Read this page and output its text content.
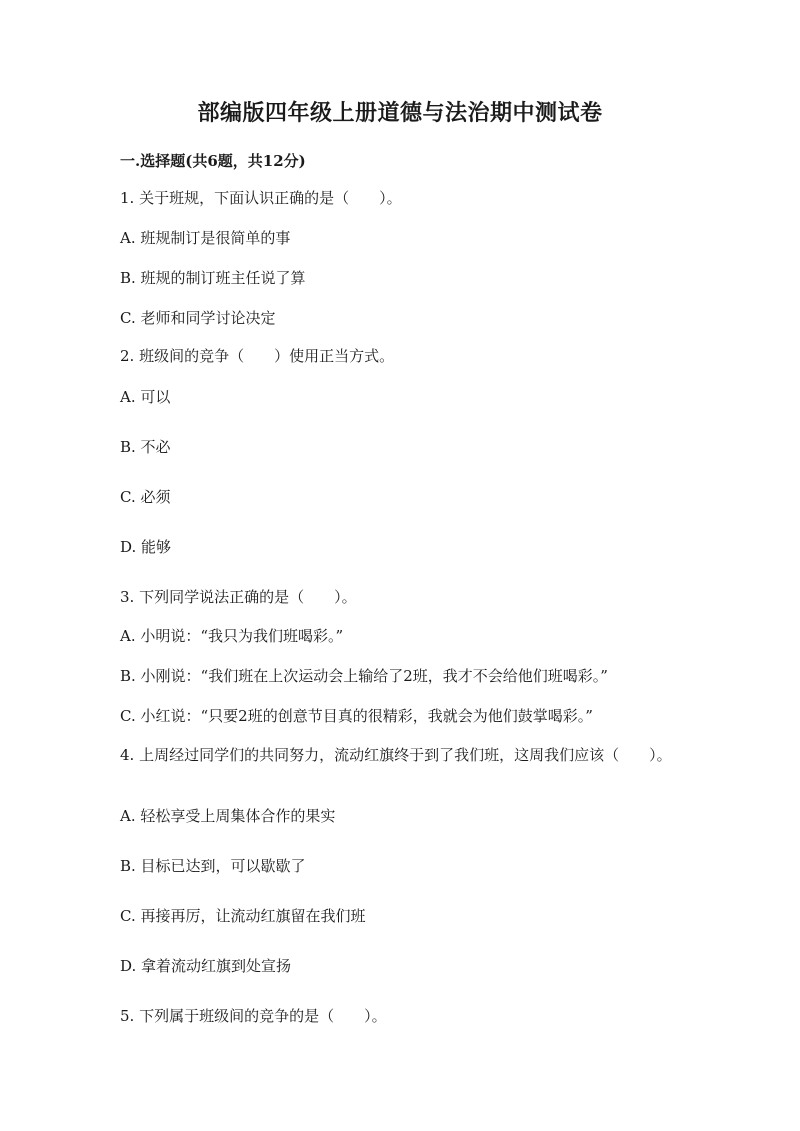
部编版四年级上册道德与法治期中测试卷
一.选择题(共6题，共12分)
1. 关于班规，下面认识正确的是（　　）。
A. 班规制订是很简单的事
B. 班规的制订班主任说了算
C. 老师和同学讨论决定
2. 班级间的竞争（　　）使用正当方式。
A. 可以
B. 不必
C. 必须
D. 能够
3. 下列同学说法正确的是（　　）。
A. 小明说：“我只为我们班喝彩。”
B. 小刚说：“我们班在上次运动会上输给了2班，我才不会给他们班喝彩。”
C. 小红说：“只要2班的创意节目真的很精彩，我就会为他们鼓掌喝彩。”
4. 上周经过同学们的共同努力，流动红旗终于到了我们班，这周我们应该（　　）。
A. 轻松享受上周集体合作的果实
B. 目标已达到，可以歇歇了
C. 再接再厉，让流动红旗留在我们班
D. 拿着流动红旗到处宣扬
5. 下列属于班级间的竞争的是（　　）。
